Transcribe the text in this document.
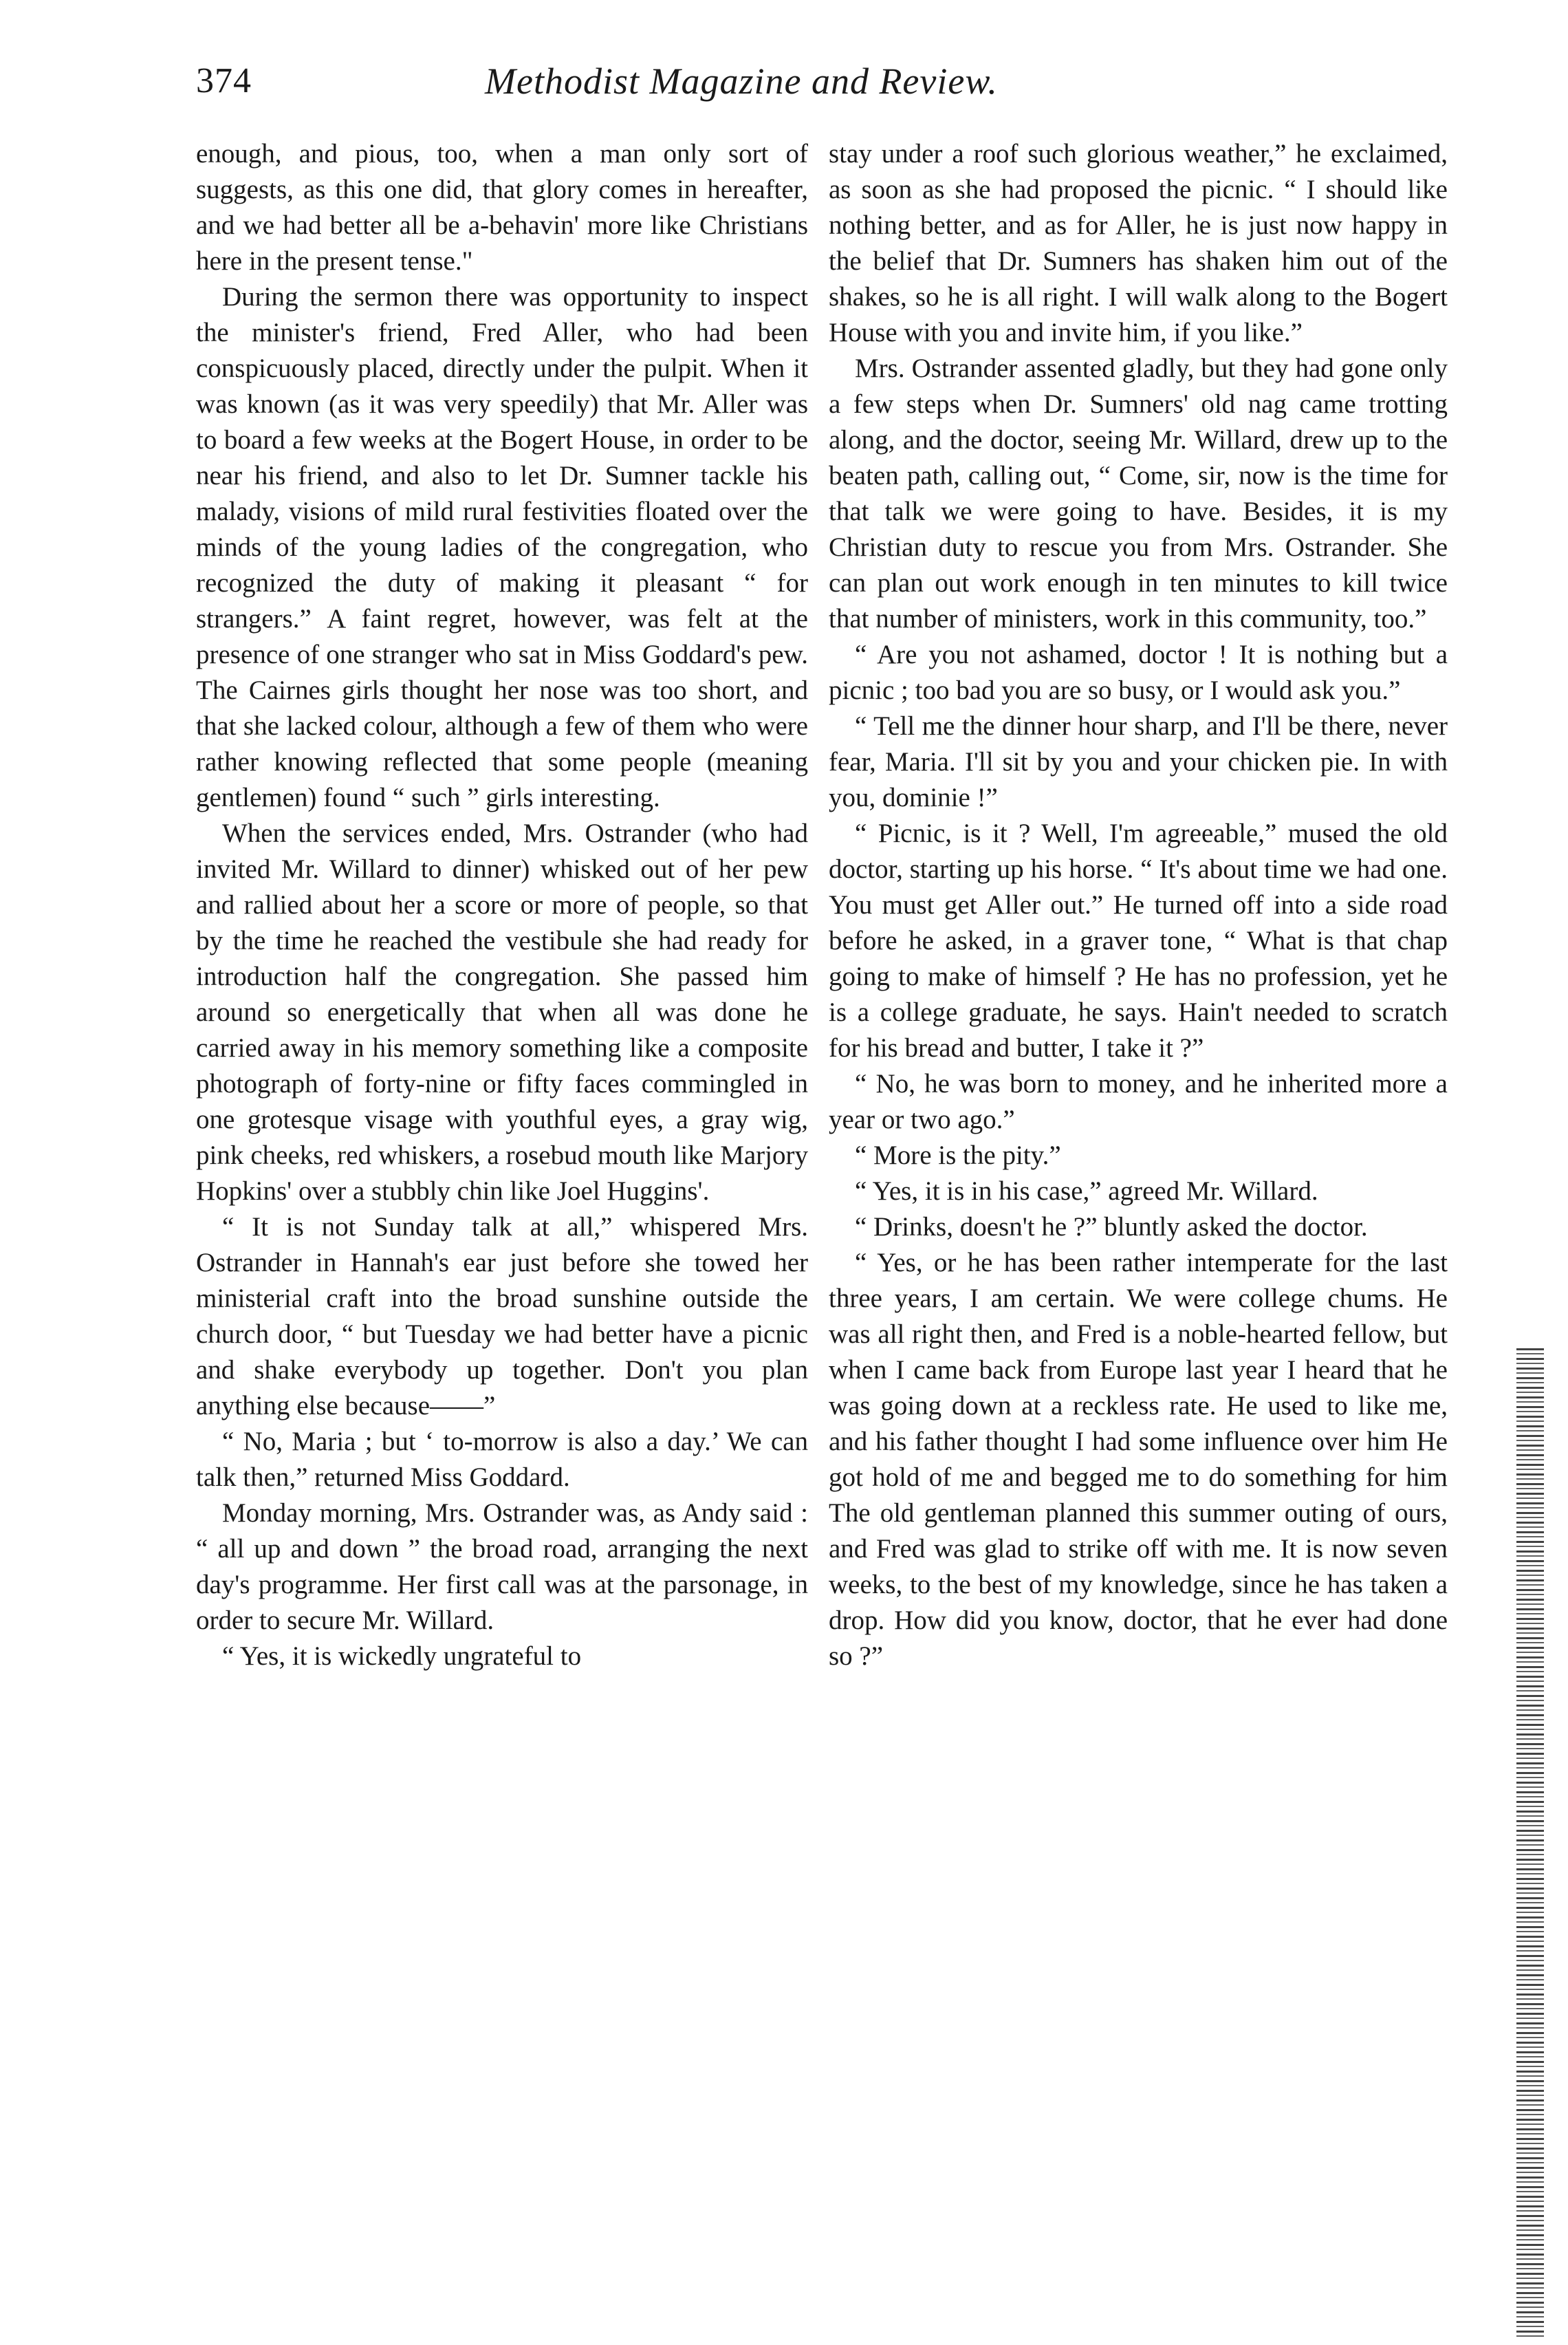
374	Methodist Magazine and Review.

enough, and pious, too, when a man only sort of suggests, as this one did, that glory comes in hereafter, and we had better all be a-behavin' more like Christians here in the present tense."

During the sermon there was opportunity to inspect the minister's friend, Fred Aller, who had been conspicuously placed, directly under the pulpit. When it was known (as it was very speedily) that Mr. Aller was to board a few weeks at the Bogert House, in order to be near his friend, and also to let Dr. Sumner tackle his malady, visions of mild rural festivities floated over the minds of the young ladies of the congregation, who recognized the duty of making it pleasant “ for strangers.” A faint regret, however, was felt at the presence of one stranger who sat in Miss Goddard's pew. The Cairnes girls thought her nose was too short, and that she lacked colour, although a few of them who were rather knowing reflected that some people (meaning gentlemen) found “ such ” girls interesting.

When the services ended, Mrs. Ostrander (who had invited Mr. Willard to dinner) whisked out of her pew and rallied about her a score or more of people, so that by the time he reached the vestibule she had ready for introduction half the congregation. She passed him around so energetically that when all was done he carried away in his memory something like a composite photograph of forty-nine or fifty faces commingled in one grotesque visage with youthful eyes, a gray wig, pink cheeks, red whiskers, a rosebud mouth like Marjory Hopkins' over a stubbly chin like Joel Huggins'.

“ It is not Sunday talk at all,” whispered Mrs. Ostrander in Hannah's ear just before she towed her ministerial craft into the broad sunshine outside the church door, “ but Tuesday we had better have a picnic and shake everybody up together. Don't you plan anything else because——”

“ No, Maria ; but ‘ to-morrow is also a day.’ We can talk then,” returned Miss Goddard.

Monday morning, Mrs. Ostrander was, as Andy said : “ all up and down ” the broad road, arranging the next day's programme. Her first call was at the parsonage, in order to secure Mr. Willard.

“ Yes, it is wickedly ungrateful to

stay under a roof such glorious weather,” he exclaimed, as soon as she had proposed the picnic. “ I should like nothing better, and as for Aller, he is just now happy in the belief that Dr. Sumners has shaken him out of the shakes, so he is all right. I will walk along to the Bogert House with you and invite him, if you like.”

Mrs. Ostrander assented gladly, but they had gone only a few steps when Dr. Sumners' old nag came trotting along, and the doctor, seeing Mr. Willard, drew up to the beaten path, calling out, “ Come, sir, now is the time for that talk we were going to have. Besides, it is my Christian duty to rescue you from Mrs. Ostrander. She can plan out work enough in ten minutes to kill twice that number of ministers, work in this community, too.”

“ Are you not ashamed, doctor ! It is nothing but a picnic ; too bad you are so busy, or I would ask you.”

“ Tell me the dinner hour sharp, and I'll be there, never fear, Maria. I'll sit by you and your chicken pie. In with you, dominie !”

“ Picnic, is it ? Well, I'm agreeable,” mused the old doctor, starting up his horse. “ It's about time we had one. You must get Aller out.” He turned off into a side road before he asked, in a graver tone, “ What is that chap going to make of himself ? He has no profession, yet he is a college graduate, he says. Hain't needed to scratch for his bread and butter, I take it ?”

“ No, he was born to money, and he inherited more a year or two ago.”

“ More is the pity.”

“ Yes, it is in his case,” agreed Mr. Willard.

“ Drinks, doesn't he ?” bluntly asked the doctor.

“ Yes, or he has been rather intemperate for the last three years, I am certain. We were college chums. He was all right then, and Fred is a noble-hearted fellow, but when I came back from Europe last year I heard that he was going down at a reckless rate. He used to like me, and his father thought I had some influence over him He got hold of me and begged me to do something for him The old gentleman planned this summer outing of ours, and Fred was glad to strike off with me. It is now seven weeks, to the best of my knowledge, since he has taken a drop. How did you know, doctor, that he ever had done so ?”
